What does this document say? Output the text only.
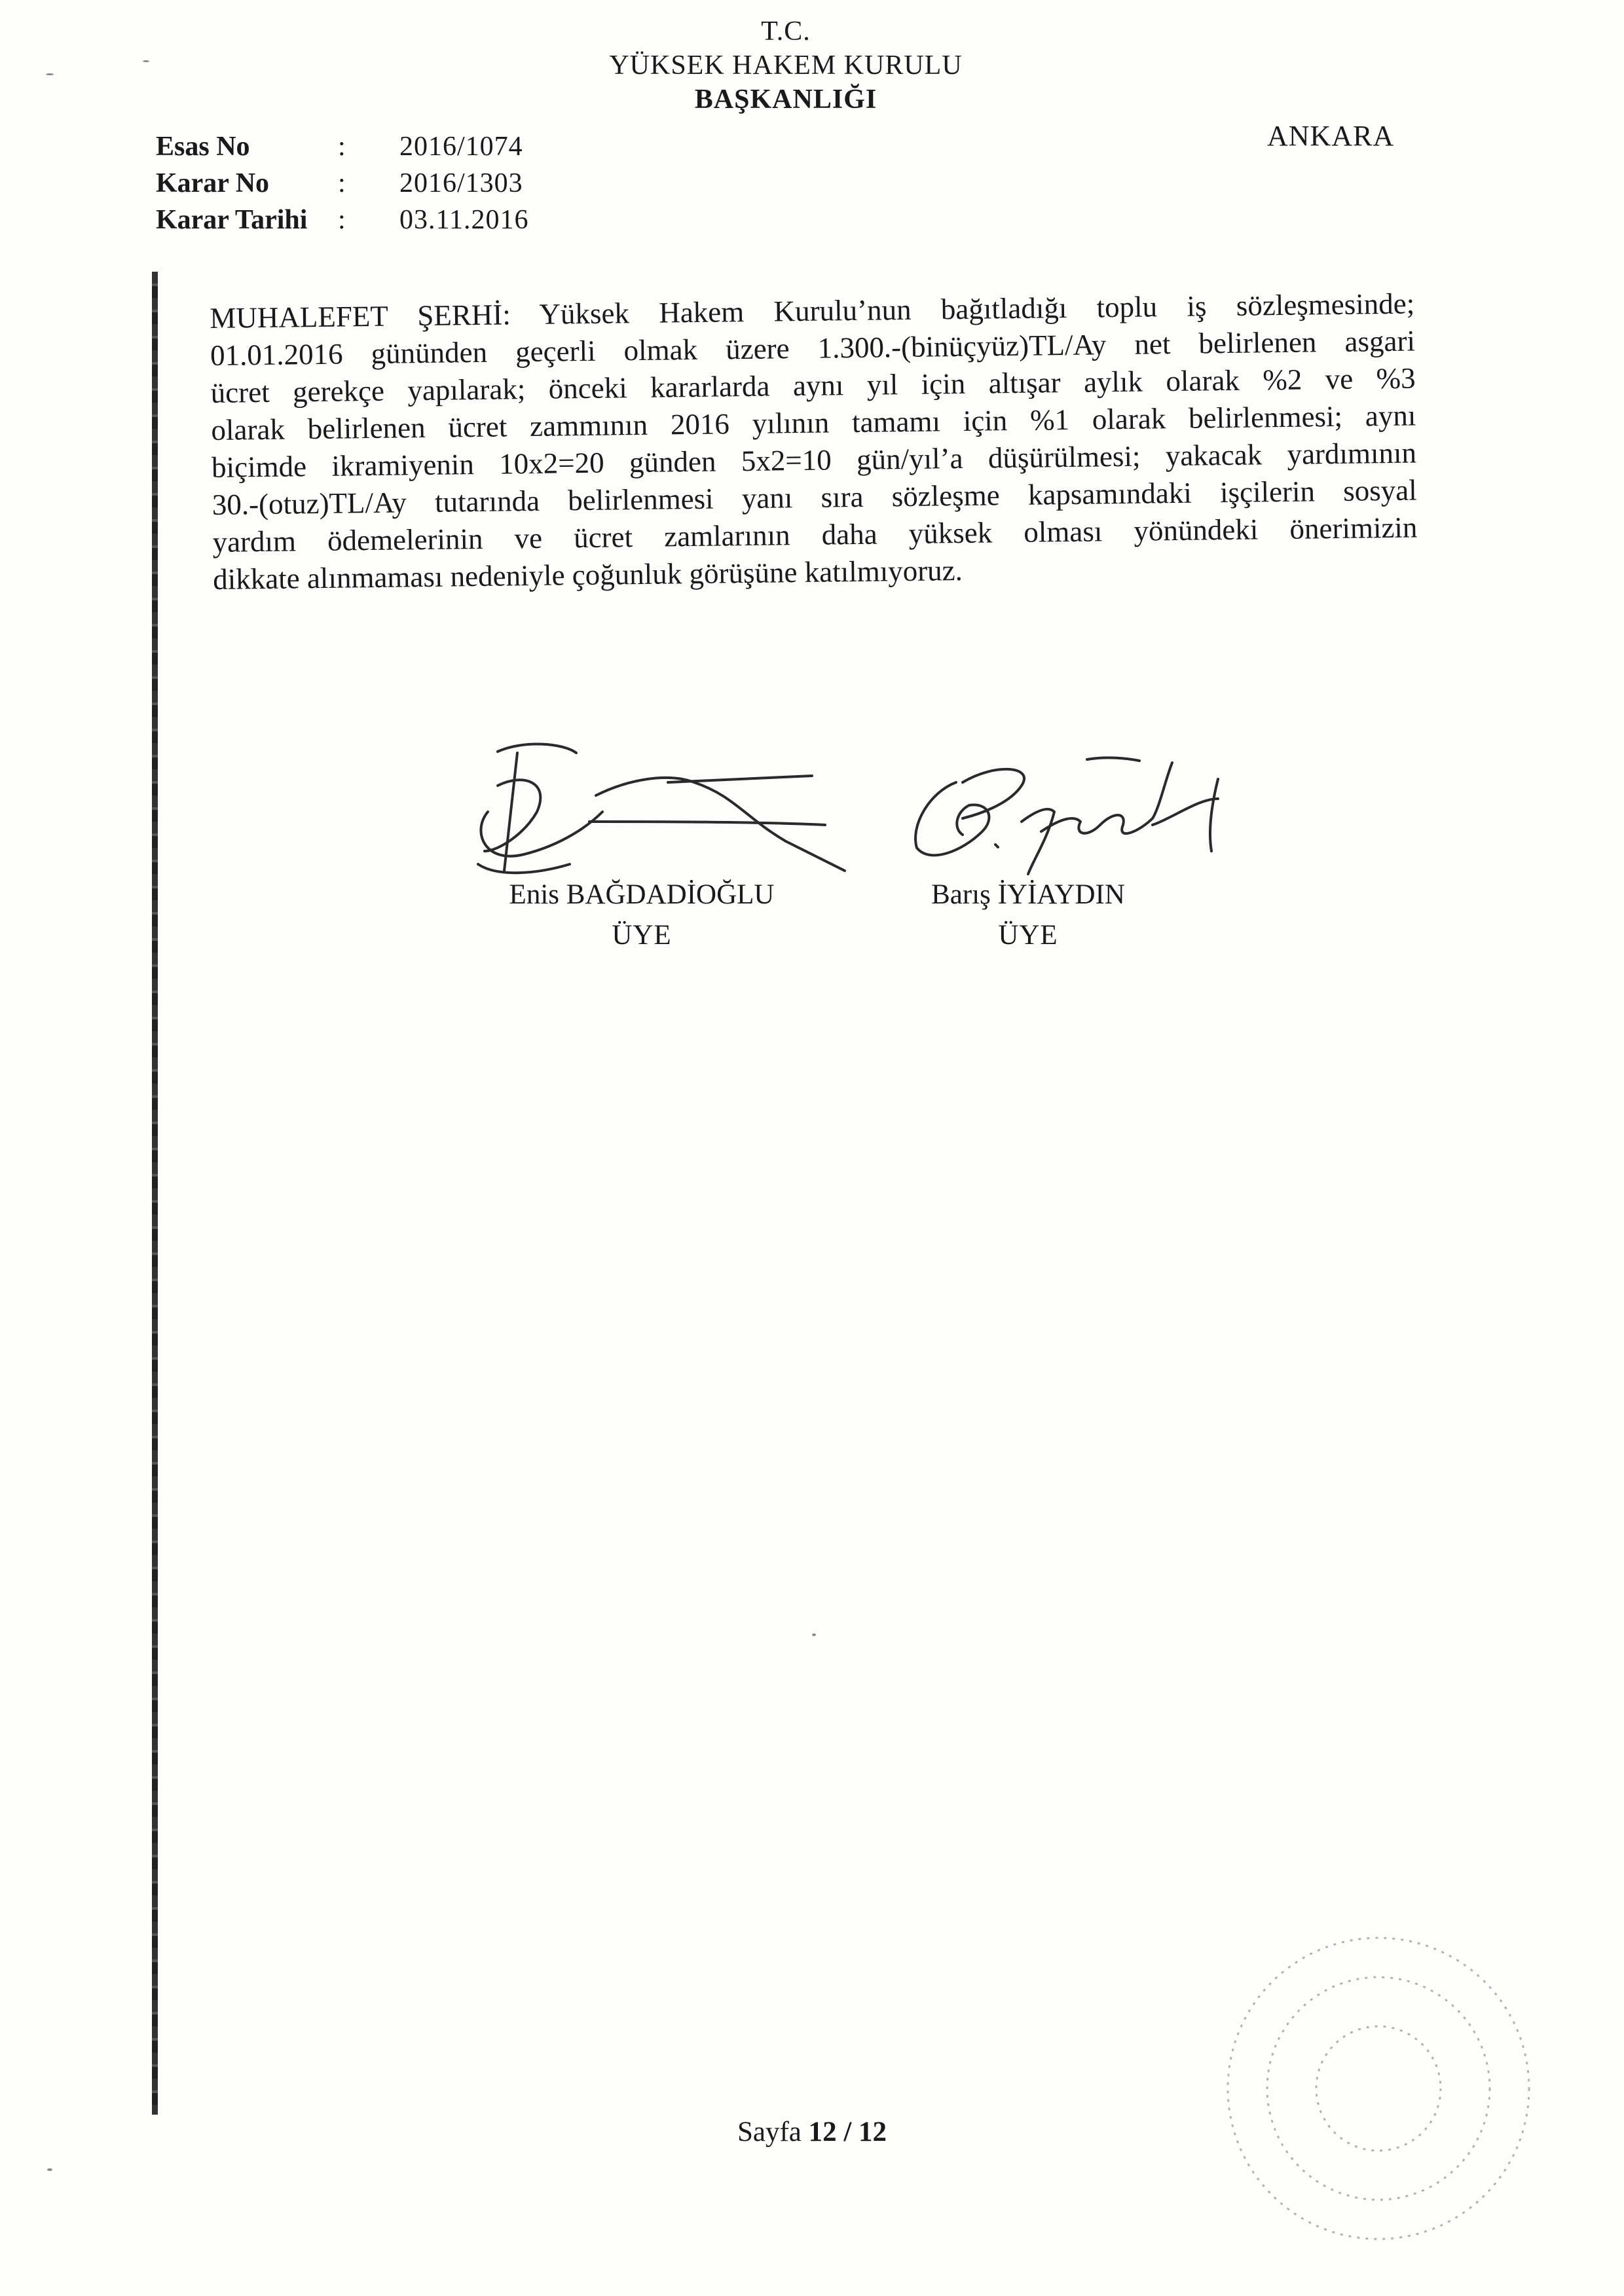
T.C.
YÜKSEK HAKEM KURULU
BAŞKANLIĞI
ANKARA
Esas No	:	2016/1074
Karar No	:	2016/1303
Karar Tarihi	:	03.11.2016
MUHALEFET ŞERHİ: Yüksek Hakem Kurulu’nun bağıtladığı toplu iş sözleşmesinde;
01.01.2016 gününden geçerli olmak üzere 1.300.-(binüçyüz)TL/Ay net belirlenen asgari
ücret gerekçe yapılarak; önceki kararlarda aynı yıl için altışar aylık olarak %2 ve %3
olarak belirlenen ücret zammının 2016 yılının tamamı için %1 olarak belirlenmesi; aynı
biçimde ikramiyenin 10x2=20 günden 5x2=10 gün/yıl’a düşürülmesi; yakacak yardımının
30.-(otuz)TL/Ay tutarında belirlenmesi yanı sıra sözleşme kapsamındaki işçilerin sosyal
yardım ödemelerinin ve ücret zamlarının daha yüksek olması yönündeki önerimizin
dikkate alınmaması nedeniyle çoğunluk görüşüne katılmıyoruz.
Enis BAĞDADİOĞLU
ÜYE
Barış İYİAYDIN
ÜYE
Sayfa 12 / 12
